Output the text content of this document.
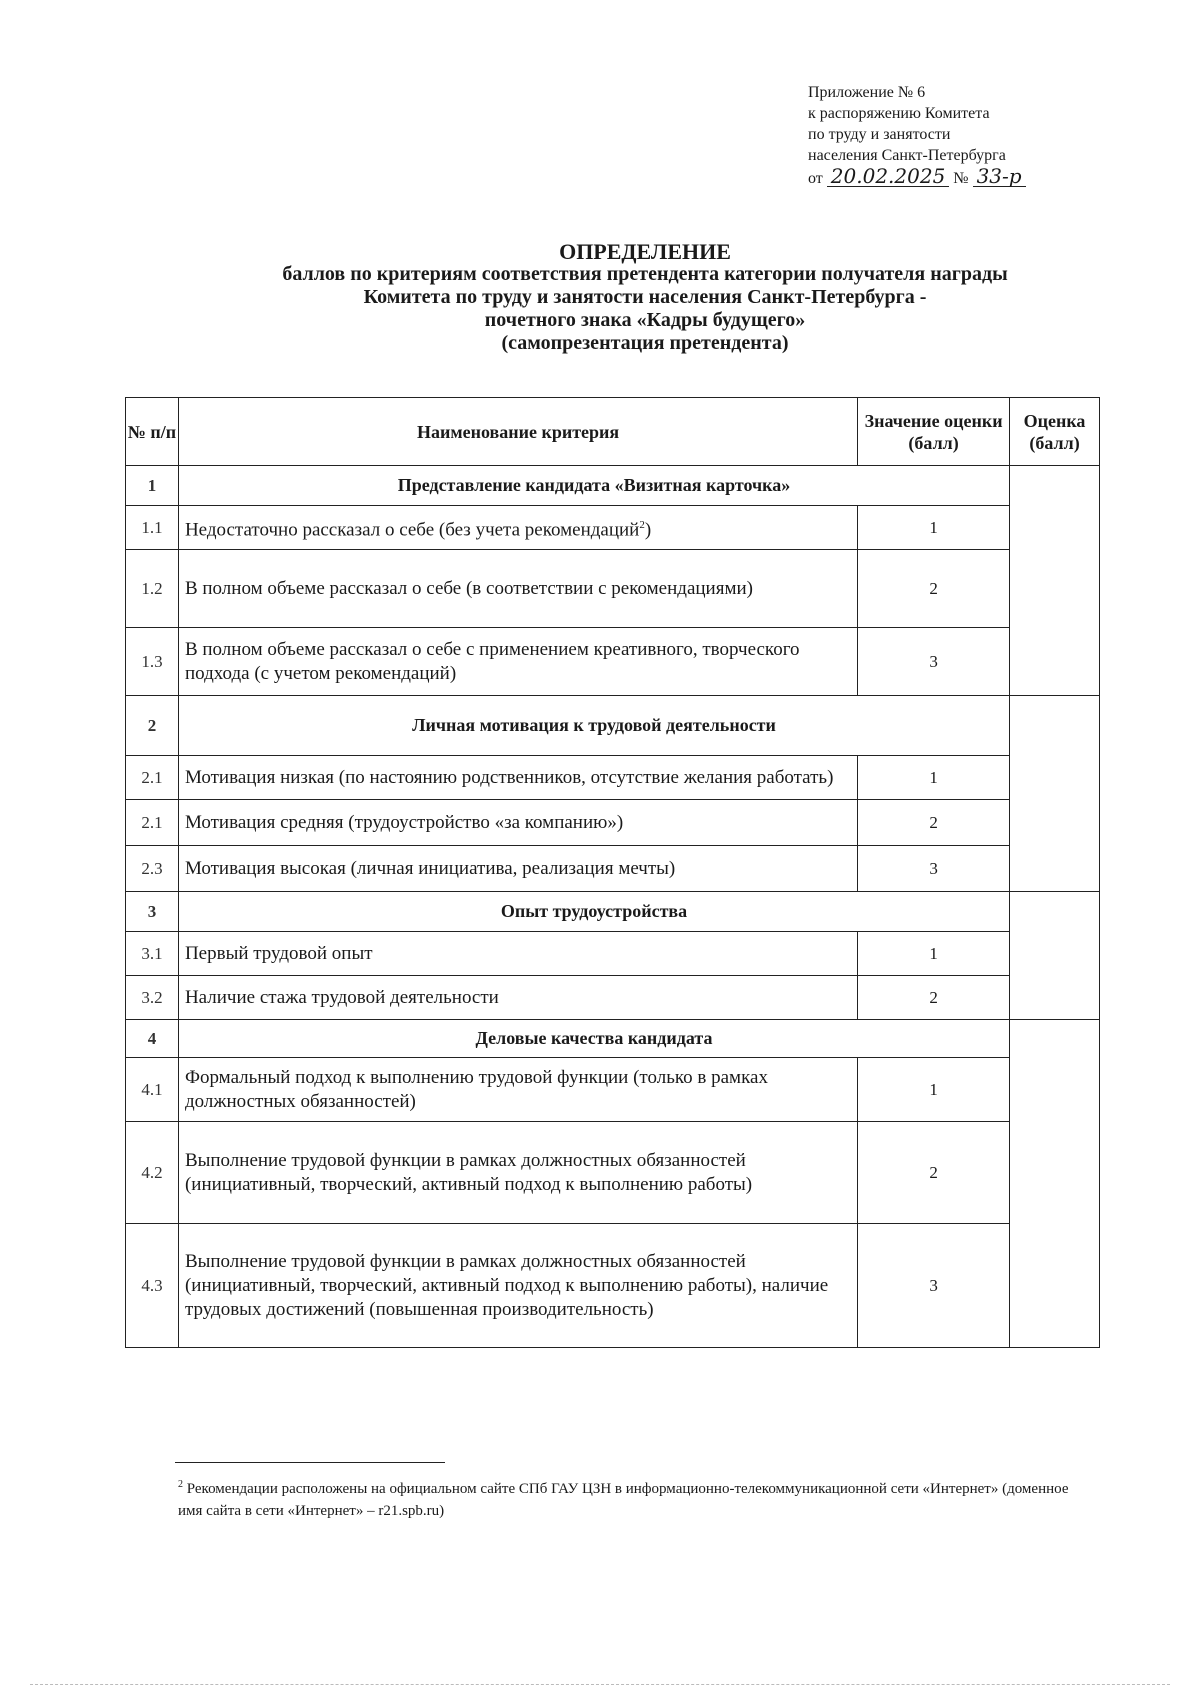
Приложение № 6
к распоряжению Комитета
по труду и занятости
населения Санкт-Петербурга
от 20.02.2025 № 33-р
ОПРЕДЕЛЕНИЕ
баллов по критериям соответствия претендента категории получателя награды
Комитета по труду и занятости населения Санкт-Петербурга -
почетного знака «Кадры будущего»
(самопрезентация претендента)
№ п/п	Наименование критерия	Значение оценки (балл)	Оценка (балл)
1	Представление кандидата «Визитная карточка»		
1.1	Недостаточно рассказал о себе (без учета рекомендаций$^2$)	1	
1.2	В полном объеме рассказал о себе (в соответствии с рекомендациями)	2	
1.3	В полном объеме рассказал о себе с применением креативного, творческого подхода (с учетом рекомендаций)	3	
2	Личная мотивация к трудовой деятельности		
2.1	Мотивация низкая (по настоянию родственников, отсутствие желания работать)	1	
2.1	Мотивация средняя (трудоустройство «за компанию»)	2	
2.3	Мотивация высокая (личная инициатива, реализация мечты)	3	
3	Опыт трудоустройства		
3.1	Первый трудовой опыт	1	
3.2	Наличие стажа трудовой деятельности	2	
4	Деловые качества кандидата		
4.1	Формальный подход к выполнению трудовой функции (только в рамках должностных обязанностей)	1	
4.2	Выполнение трудовой функции в рамках должностных обязанностей (инициативный, творческий, активный подход к выполнению работы)	2	
4.3	Выполнение трудовой функции в рамках должностных обязанностей (инициативный, творческий, активный подход к выполнению работы), наличие трудовых достижений (повышенная производительность)	3	
$^2$ Рекомендации расположены на официальном сайте СПб ГАУ ЦЗН в информационно-телекоммуникационной сети «Интернет» (доменное имя сайта в сети «Интернет» – r21.spb.ru)
